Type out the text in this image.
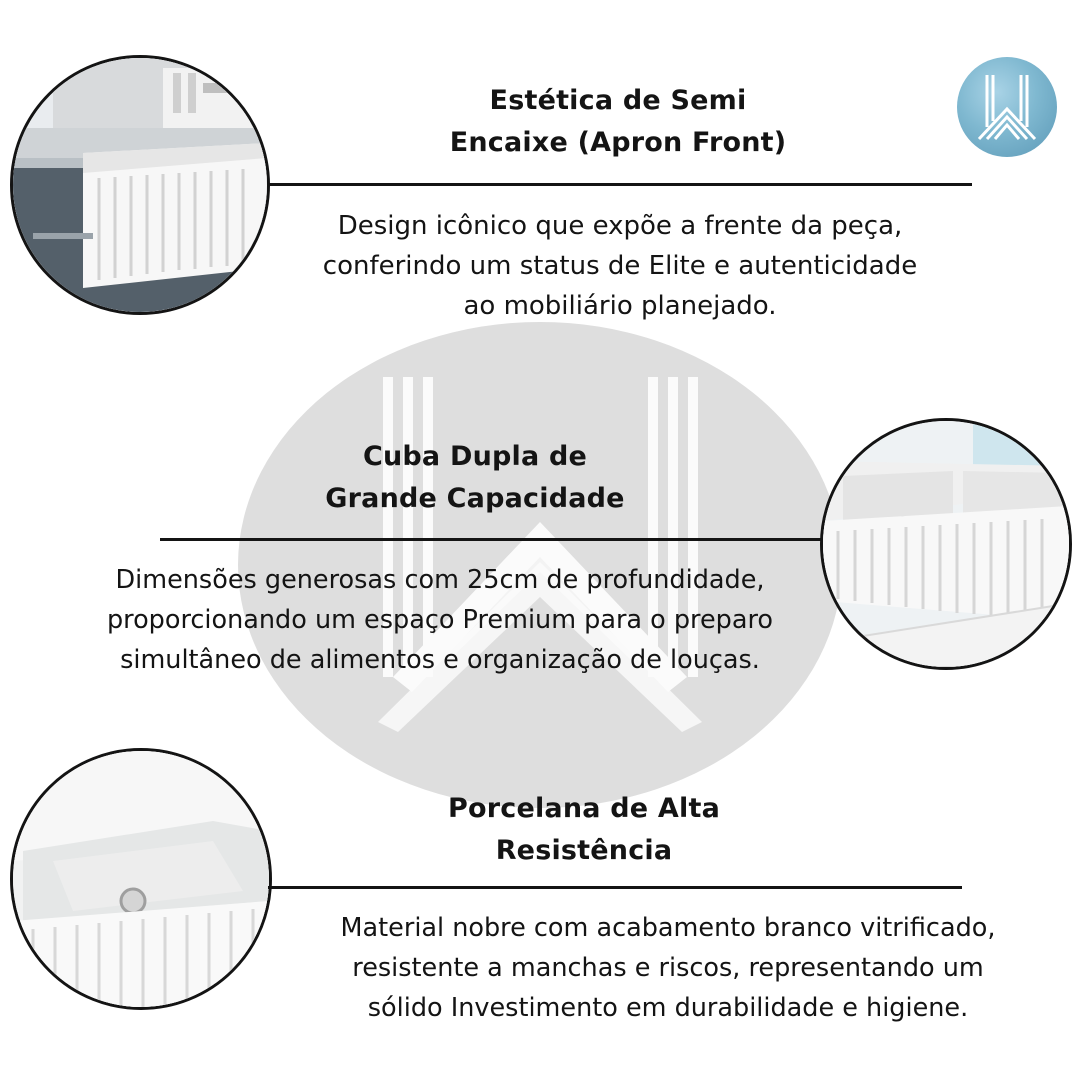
Estética de Semi
Encaixe (Apron Front)

Design icônico que expõe a frente da peça,
conferindo um status de Elite e autenticidade
ao mobiliário planejado.

Cuba Dupla de
Grande Capacidade

Dimensões generosas com 25cm de profundidade,
proporcionando um espaço Premium para o preparo
simultâneo de alimentos e organização de louças.

Porcelana de Alta
Resistência

Material nobre com acabamento branco vitrificado,
resistente a manchas e riscos, representando um
sólido Investimento em durabilidade e higiene.
